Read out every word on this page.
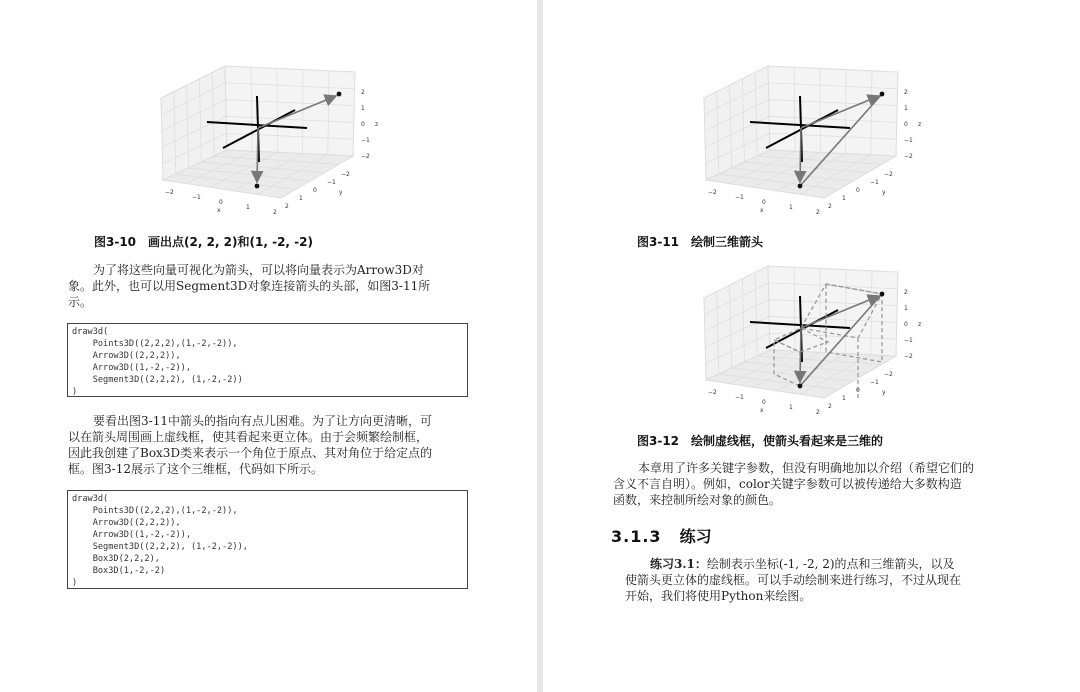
−2
−1
0
1
2
x
2
1
0
−1
−2
y
2
1
0
−1
−2
z
图3-10　画出点(2, 2, 2)和(1, -2, -2)
为了将这些向量可视化为箭头，可以将向量表示为Arrow3D对
象。此外，也可以用Segment3D对象连接箭头的头部，如图3-11所
示。
draw3d(
Points3D((2,2,2),(1,-2,-2)),
Arrow3D((2,2,2)),
Arrow3D((1,-2,-2)),
Segment3D((2,2,2), (1,-2,-2))
)
要看出图3-11中箭头的指向有点儿困难。为了让方向更清晰，可
以在箭头周围画上虚线框，使其看起来更立体。由于会频繁绘制框，
因此我创建了Box3D类来表示一个角位于原点、其对角位于给定点的
框。图3-12展示了这个三维框，代码如下所示。
draw3d(
Points3D((2,2,2),(1,-2,-2)),
Arrow3D((2,2,2)),
Arrow3D((1,-2,-2)),
Segment3D((2,2,2), (1,-2,-2)),
Box3D(2,2,2),
Box3D(1,-2,-2)
)
−2
−1
0
1
2
x
2
1
0
−1
−2
y
2
1
0
−1
−2
z
图3-11　绘制三维箭头
−2
−1
0
1
2
x
2
1
0
−1
−2
y
2
1
0
−1
−2
z
图3-12　绘制虚线框，使箭头看起来是三维的
本章用了许多关键字参数，但没有明确地加以介绍（希望它们的
含义不言自明）。例如，color关键字参数可以被传递给大多数构造
函数，来控制所绘对象的颜色。
3.1.3 练习
练习3.1：绘制表示坐标(-1, -2, 2)的点和三维箭头，以及
使箭头更立体的虚线框。可以手动绘制来进行练习，不过从现在
开始，我们将使用Python来绘图。
